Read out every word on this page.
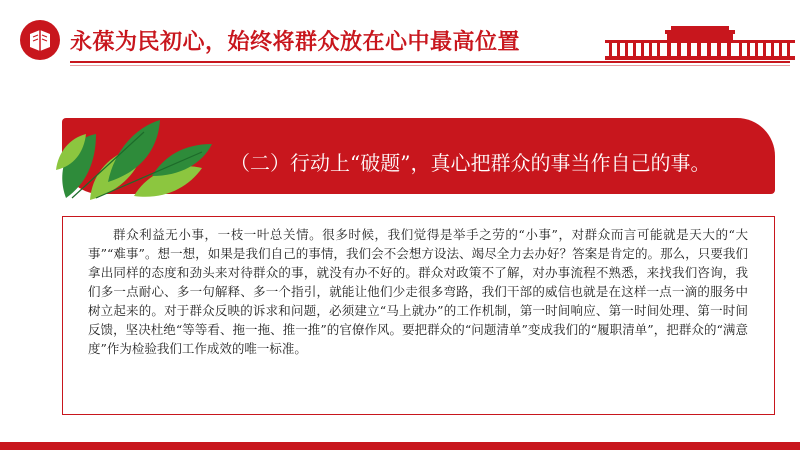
永葆为民初心，始终将群众放在心中最高位置
（二）行动上“破题”，真心把群众的事当作自己的事。

群众利益无小事，一枝一叶总关情。很多时候，我们觉得是举手之劳的“小事”，对群众而言可能就是天大的“大事”“难事”。想一想，如果是我们自己的事情，我们会不会想方设法、竭尽全力去办好？答案是肯定的。那么，只要我们拿出同样的态度和劲头来对待群众的事，就没有办不好的。群众对政策不了解，对办事流程不熟悉，来找我们咨询，我们多一点耐心、多一句解释、多一个指引，就能让他们少走很多弯路，我们干部的威信也就是在这样一点一滴的服务中树立起来的。对于群众反映的诉求和问题，必须建立“马上就办”的工作机制，第一时间响应、第一时间处理、第一时间反馈，坚决杜绝“等等看、拖一拖、推一推”的官僚作风。要把群众的“问题清单”变成我们的“履职清单”，把群众的“满意度”作为检验我们工作成效的唯一标准。
